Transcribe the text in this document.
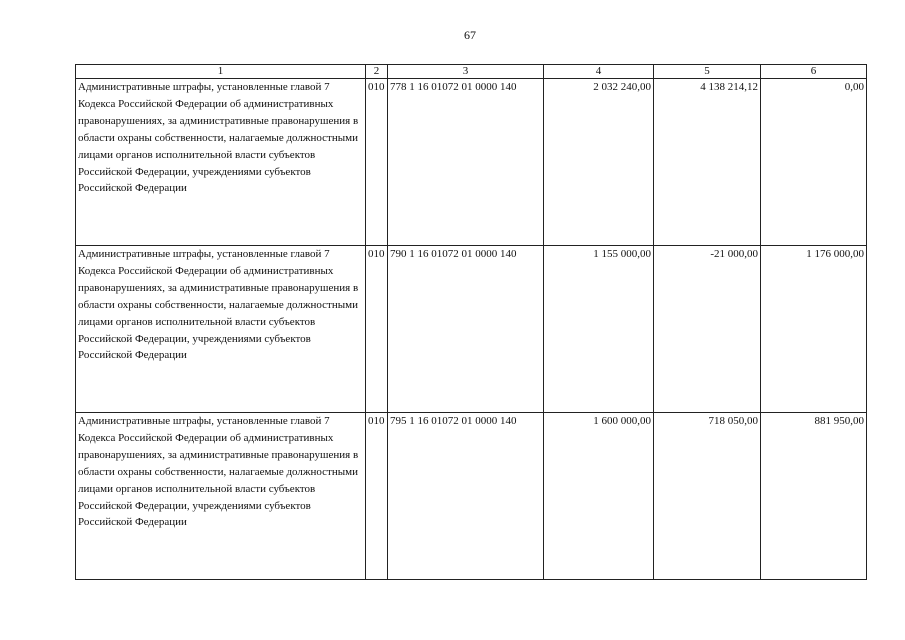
67
1	2	3	4	5	6
Административные штрафы, установленные главой 7 Кодекса Российской Федерации об административных правонарушениях, за административные правонарушения в области охраны собственности, налагаемые должностными лицами органов исполнительной власти субъектов Российской Федерации, учреждениями субъектов Российской Федерации	010	778 1 16 01072 01 0000 140	2 032 240,00	4 138 214,12	0,00
Административные штрафы, установленные главой 7 Кодекса Российской Федерации об административных правонарушениях, за административные правонарушения в области охраны собственности, налагаемые должностными лицами органов исполнительной власти субъектов Российской Федерации, учреждениями субъектов Российской Федерации	010	790 1 16 01072 01 0000 140	1 155 000,00	-21 000,00	1 176 000,00
Административные штрафы, установленные главой 7 Кодекса Российской Федерации об административных правонарушениях, за административные правонарушения в области охраны собственности, налагаемые должностными лицами органов исполнительной власти субъектов Российской Федерации, учреждениями субъектов Российской Федерации	010	795 1 16 01072 01 0000 140	1 600 000,00	718 050,00	881 950,00
